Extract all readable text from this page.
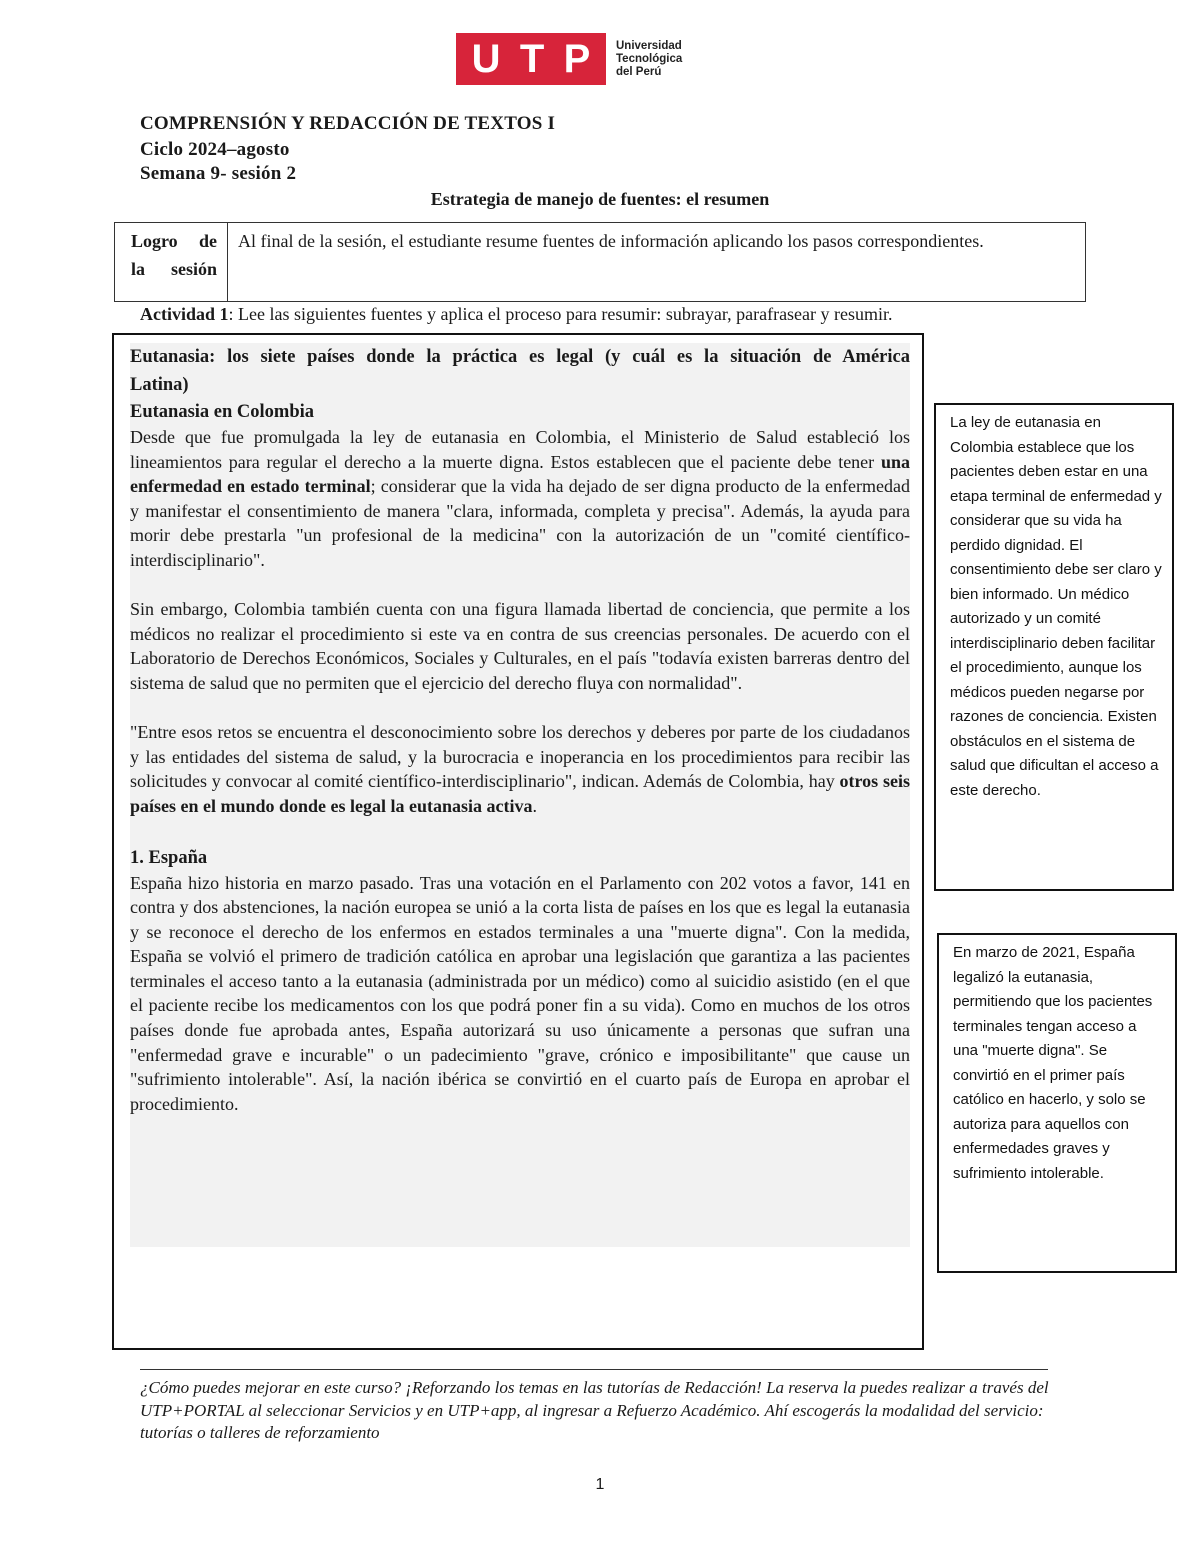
U T P Universidad
Tecnológica
del Perú
COMPRENSIÓN Y REDACCIÓN DE TEXTOS I
Ciclo 2024–agosto
Semana 9- sesión 2
Estrategia de manejo de fuentes: el resumen
Logro de la sesión
Al final de la sesión, el estudiante resume fuentes de información aplicando los pasos correspondientes.
Actividad 1: Lee las siguientes fuentes y aplica el proceso para resumir: subrayar, parafrasear y resumir.
Eutanasia: los siete países donde la práctica es legal (y cuál es la situación de América Latina)
Eutanasia en Colombia

Desde que fue promulgada la ley de eutanasia en Colombia, el Ministerio de Salud estableció los lineamientos para regular el derecho a la muerte digna. Estos establecen que el paciente debe tener una enfermedad en estado terminal; considerar que la vida ha dejado de ser digna producto de la enfermedad y manifestar el consentimiento de manera "clara, informada, completa y precisa". Además, la ayuda para morir debe prestarla "un profesional de la medicina" con la autorización de un "comité científico-interdisciplinario".

Sin embargo, Colombia también cuenta con una figura llamada libertad de conciencia, que permite a los médicos no realizar el procedimiento si este va en contra de sus creencias personales. De acuerdo con el Laboratorio de Derechos Económicos, Sociales y Culturales, en el país "todavía existen barreras dentro del sistema de salud que no permiten que el ejercicio del derecho fluya con normalidad".

"Entre esos retos se encuentra el desconocimiento sobre los derechos y deberes por parte de los ciudadanos y las entidades del sistema de salud, y la burocracia e inoperancia en los procedimientos para recibir las solicitudes y convocar al comité científico-interdisciplinario", indican. Además de Colombia, hay otros seis países en el mundo donde es legal la eutanasia activa.

1. España

España hizo historia en marzo pasado. Tras una votación en el Parlamento con 202 votos a favor, 141 en contra y dos abstenciones, la nación europea se unió a la corta lista de países en los que es legal la eutanasia y se reconoce el derecho de los enfermos en estados terminales a una "muerte digna". Con la medida, España se volvió el primero de tradición católica en aprobar una legislación que garantiza a las pacientes terminales el acceso tanto a la eutanasia (administrada por un médico) como al suicidio asistido (en el que el paciente recibe los medicamentos con los que podrá poner fin a su vida). Como en muchos de los otros países donde fue aprobada antes, España autorizará su uso únicamente a personas que sufran una "enfermedad grave e incurable" o un padecimiento "grave, crónico e imposibilitante" que cause un "sufrimiento intolerable". Así, la nación ibérica se convirtió en el cuarto país de Europa en aprobar el procedimiento.

La ley de eutanasia en Colombia establece que los pacientes deben estar en una etapa terminal de enfermedad y considerar que su vida ha perdido dignidad. El consentimiento debe ser claro y bien informado. Un médico autorizado y un comité interdisciplinario deben facilitar el procedimiento, aunque los médicos pueden negarse por razones de conciencia. Existen obstáculos en el sistema de salud que dificultan el acceso a este derecho.
En marzo de 2021, España legalizó la eutanasia, permitiendo que los pacientes terminales tengan acceso a una "muerte digna". Se convirtió en el primer país católico en hacerlo, y solo se autoriza para aquellos con enfermedades graves y sufrimiento intolerable.
¿Cómo puedes mejorar en este curso? ¡Reforzando los temas en las tutorías de Redacción! La reserva la puedes realizar a través del UTP+PORTAL al seleccionar Servicios y en UTP+app, al ingresar a Refuerzo Académico. Ahí escogerás la modalidad del servicio: tutorías o talleres de reforzamiento
1
